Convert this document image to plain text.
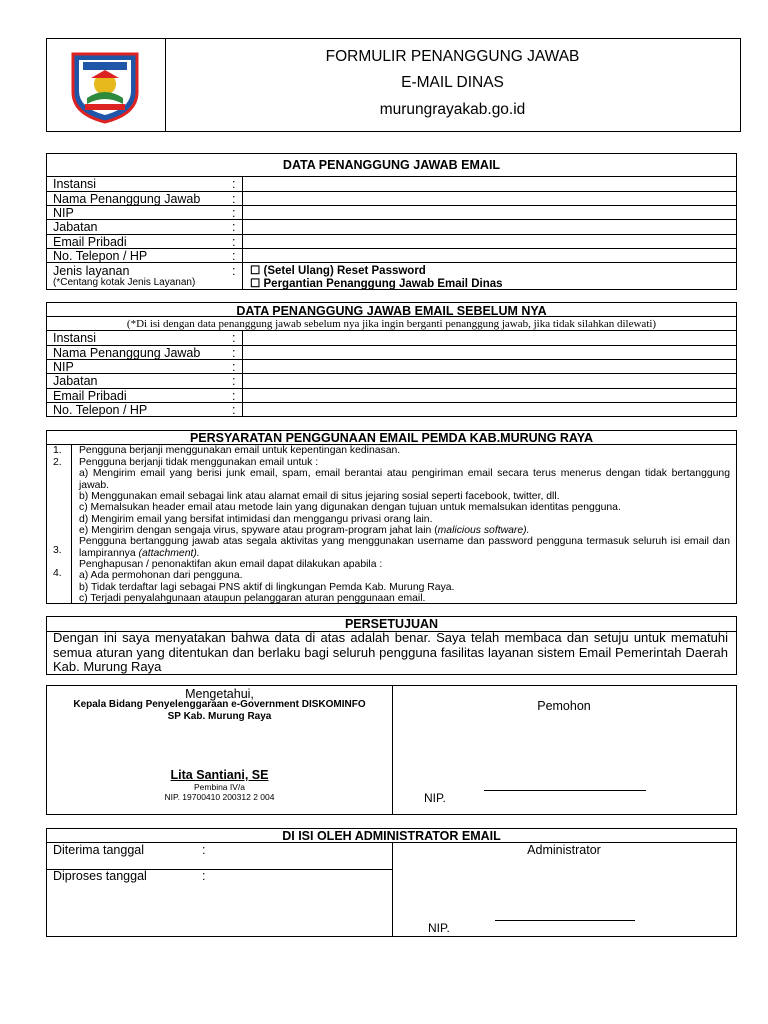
FORMULIR PENANGGUNG JAWAB
E-MAIL DINAS
murungrayakab.go.id
DATA PENANGGUNG JAWAB EMAIL
Instansi
Nama Penanggung Jawab
NIP
Jabatan
Email Pribadi
No. Telepon / HP
Jenis layanan
(*Centang kotak Jenis Layanan)
:
:
:
:
:
:
: ☐ (Setel Ulang) Reset Password
☐ Pergantian Penanggung Jawab Email Dinas
DATA PENANGGUNG JAWAB EMAIL SEBELUM NYA
(*Di isi dengan data penanggung jawab sebelum nya jika ingin berganti penanggung jawab, jika tidak silahkan dilewati)
Instansi
Nama Penanggung Jawab
NIP
Jabatan
Email Pribadi
No. Telepon / HP
:
:
:
:
:
:
PERSYARATAN PENGGUNAAN EMAIL PEMDA KAB.MURUNG RAYA
1.
2.
3.
4.
Pengguna berjanji menggunakan email untuk kepentingan kedinasan.
Pengguna berjanji tidak menggunakan email untuk :
a) Mengirim email yang berisi junk email, spam, email berantai atau pengiriman email secara terus menerus dengan tidak bertanggung jawab.
b) Menggunakan email sebagai link atau alamat email di situs jejaring sosial seperti facebook, twitter, dll.
c) Memalsukan header email atau metode lain yang digunakan dengan tujuan untuk memalsukan identitas pengguna.
d) Mengirim email yang bersifat intimidasi dan menggangu privasi orang lain.
e) Mengirim dengan sengaja virus, spyware atau program-program jahat lain (malicious software).
Pengguna bertanggung jawab atas segala aktivitas yang menggunakan username dan password pengguna termasuk seluruh isi email dan lampirannya (attachment).
Penghapusan / penonaktifan akun email dapat dilakukan apabila :
a) Ada permohonan dari pengguna.
b) Tidak terdaftar lagi sebagai PNS aktif di lingkungan Pemda Kab. Murung Raya.
c) Terjadi penyalahgunaan ataupun pelanggaran aturan penggunaan email.
PERSETUJUAN
Dengan ini saya menyatakan bahwa data di atas adalah benar. Saya telah membaca dan setuju untuk mematuhi semua aturan yang ditentukan dan berlaku bagi seluruh pengguna fasilitas layanan sistem Email Pemerintah Daerah Kab. Murung Raya
Mengetahui,
Kepala Bidang Penyelenggaraan e-Government DISKOMINFO
SP Kab. Murung Raya
Lita Santiani, SE
Pembina IV/a
NIP. 19700410 200312 2 004
Pemohon
NIP.
DI ISI OLEH ADMINISTRATOR EMAIL
Diterima tanggal	:
Diproses tanggal	:
Administrator
NIP.
